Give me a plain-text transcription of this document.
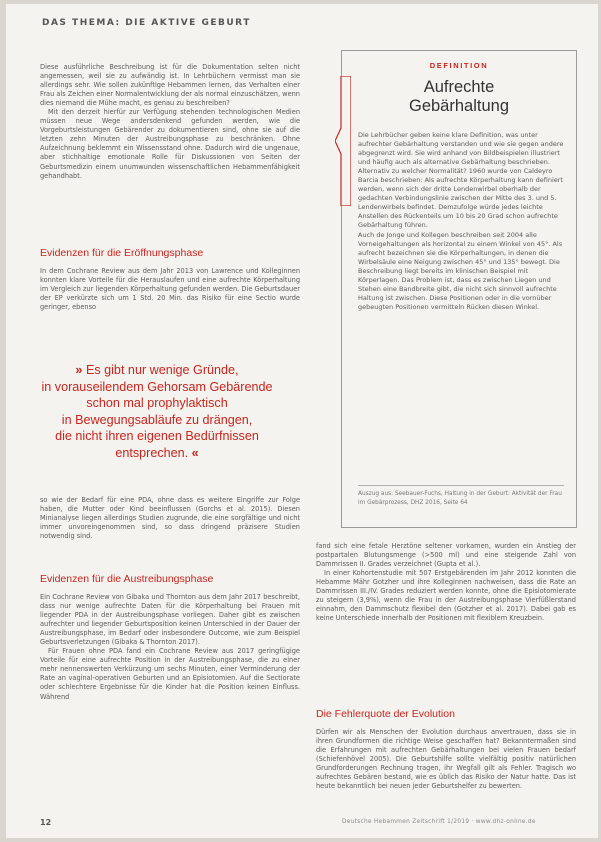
DAS THEMA: DIE AKTIVE GEBURT

Diese ausführliche Beschreibung ist für die Dokumentation selten nicht angemessen, weil sie zu aufwändig ist. In Lehrbüchern vermisst man sie allerdings sehr. Wie sollen zukünftige Hebammen lernen, das Verhalten einer Frau als Zeichen einer Normalentwicklung der als normal einzuschätzen, wenn dies niemand die Mühe macht, es genau zu beschreiben?

Mit den derzeit hierfür zur Verfügung stehenden technologischen Medien müssen neue Wege andersdenkend gefunden werden, wie die Vorgeburtsleistungen Gebärender zu dokumentieren sind, ohne sie auf die letzten zehn Minuten der Austreibungsphase zu beschränken. Ohne Aufzeichnung beklemmt ein Wissensstand ohne. Dadurch wird die ungenaue, aber stichhaltige emotionale Rolle für Diskussionen von Seiten der Geburtsmedizin einem unumwunden wissenschaftlichen Hebammenfähigkeit gehandhabt.

Evidenzen für die Eröffnungsphase

In dem Cochrane Review aus dem Jahr 2013 von Lawrence und Kolleginnen konnten klare Vorteile für die Herauslaufen und eine aufrechte Körperhaltung im Vergleich zur liegenden Körperhaltung gefunden werden. Die Geburtsdauer der EP verkürzte sich um 1 Std. 20 Min. das Risiko für eine Sectio wurde geringer, ebenso

» Es gibt nur wenige Gründe,
in vorauseilendem Gehorsam Gebärende
schon mal prophylaktisch
in Bewegungsabläufe zu drängen,
die nicht ihren eigenen Bedürfnissen
entsprechen. «

so wie der Bedarf für eine PDA, ohne dass es weitere Eingriffe zur Folge haben, die Mutter oder Kind beeinflussen (Gorchs et al. 2015). Diesen Minianalyse liegen allerdings Studien zugrunde, die eine sorgfältige und nicht immer unvoreingenommen sind, so dass dringend präzisere Studien notwendig sind.

Evidenzen für die Austreibungsphase

Ein Cochrane Review von Gibaka und Thornton aus dem Jahr 2017 beschreibt, dass nur wenige aufrechte Daten für die Körperhaltung bei Frauen mit liegender PDA in der Austreibungsphase vorliegen. Daher gibt es zwischen aufrechter und liegender Geburtsposition keinen Unterschied in der Dauer der Austreibungsphase, im Bedarf oder insbesondere Outcome, wie zum Beispiel Geburtsverletzungen (Gibaka & Thornton 2017).

Für Frauen ohne PDA fand ein Cochrane Review aus 2017 geringfügige Vorteile für eine aufrechte Position in der Austreibungsphase, die zu einer mehr nennenswerten Verkürzung um sechs Minuten, einer Verminderung der Rate an vaginal-operativen Geburten und an Episiotomien. Auf die Sectiorate oder schlechtere Ergebnisse für die Kinder hat die Position keinen Einfluss. Während

fand sich eine fetale Herztöne seltener vorkamen, wurden ein Anstieg der postpartalen Blutungsmenge (>500 ml) und eine steigende Zahl von Dammrissen II. Grades verzeichnet (Gupta et al.).

In einer Kohortenstudie mit 507 Erstgebärenden im Jahr 2012 konnten die Hebamme Mähr Gotzher und ihre Kolleginnen nachweisen, dass die Rate an Dammrissen III./IV. Grades reduziert werden konnte, ohne die Episiotomierate zu steigern (3,9%), wenn die Frau in der Austreibungsphase Vierfüßlerstand einnahm, den Dammschutz flexibel den (Gotzher et al. 2017). Dabei gab es keine Unterschiede innerhalb der Positionen mit flexiblem Kreuzbein.

Die Fehlerquote der Evolution

Dürfen wir als Menschen der Evolution durchaus anvertrauen, dass sie in ihren Grundformen die richtige Weise geschaffen hat? Bekanntermaßen sind die Erfahrungen mit aufrechten Gebärhaltungen bei vielen Frauen bedarf (Schiefenhövel 2005). Die Geburtshilfe sollte vielfältig positiv natürlichen Grundforderungen Rechnung tragen, ihr Wegfall gilt als Fehler. Tragisch wo aufrechtes Gebären bestand, wie es üblich das Risiko der Natur hatte. Das ist heute bekanntlich bei neuen jeder Geburtshelfer zu bewerten.

DEFINITION
Aufrechte
Gebärhaltung

Die Lehrbücher geben keine klare Definition, was unter aufrechter Gebärhaltung verstanden und wie sie gegen andere abgegrenzt wird. Sie wird anhand von Bildbeispielen illustriert und häufig auch als alternative Gebärhaltung beschrieben. Alternativ zu welcher Normalität? 1960 wurde von Caldeyro Barcia beschrieben: Als aufrechte Körperhaltung kann definiert werden, wenn sich der dritte Lendenwirbel oberhalb der gedachten Verbindungslinie zwischen der Mitte des 3. und 5. Lendenwirbels befindet. Demzufolge würde jedes leichte Anstellen des Rückenteils um 10 bis 20 Grad schon aufrechte Gebärhaltung führen.

Auch de Jonge und Kollegen beschreiben seit 2004 alle Vorneigehaltungen als horizontal zu einem Winkel von 45°. Als aufrecht bezeichnen sie die Körperhaltungen, in denen die Wirbelsäule eine Neigung zwischen 45° und 135° bewegt. Die Beschreibung liegt bereits im klinischen Beispiel mit Körperlagen. Das Problem ist, dass es zwischen Liegen und Stehen eine Bandbreite gibt, die nicht sich sinnvoll aufrechte Haltung ist zwischen. Diese Positionen oder in die vornüber gebeugten Positionen vermitteln Rücken diesen Winkel.

Auszug aus: Seebauer-Fuchs, Haltung in der Geburt: Aktivität der Frau im Gebärprozess, DHZ 2016, Seite 64
12	Deutsche Hebammen Zeitschrift 1/2019 · www.dhz-online.de
